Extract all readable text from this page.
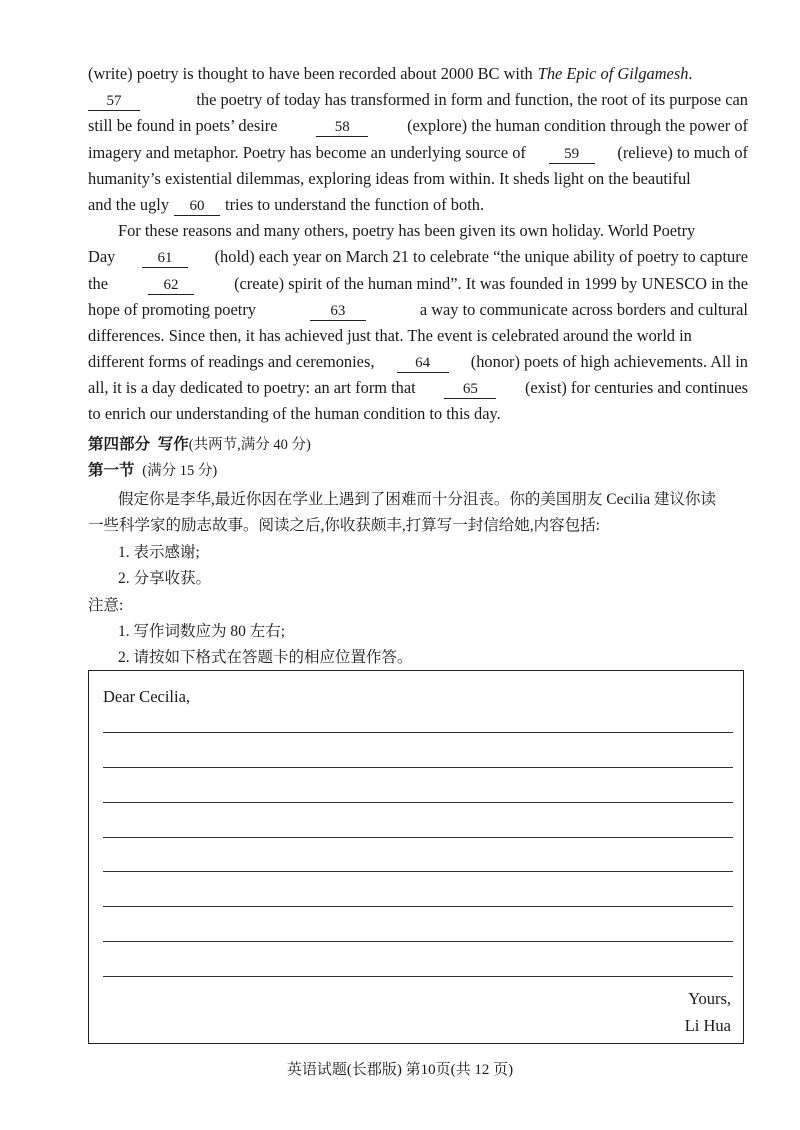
(write) poetry is thought to have been recorded about 2000 BC with The Epic of Gilgamesh .
57	the poetry of today has transformed in form and function, the root of its purpose can
still be found in poets’ desire	58	(explore) the human condition through the power of
imagery and metaphor. Poetry has become an underlying source of	59	(relieve) to much of
humanity’s existential dilemmas, exploring ideas from within. It sheds light on the beautiful
and the ugly	60	tries to understand the function of both.
For these reasons and many others, poetry has been given its own holiday. World Poetry
Day	61	(hold) each year on March 21 to celebrate “the unique ability of poetry to capture
the	62	(create) spirit of the human mind”. It was founded in 1999 by UNESCO in the
hope of promoting poetry	63	a way to communicate across borders and cultural
differences. Since then, it has achieved just that. The event is celebrated around the world in
different forms of readings and ceremonies,	64	(honor) poets of high achievements. All in
all, it is a day dedicated to poetry: an art form that	65	(exist) for centuries and continues
to enrich our understanding of the human condition to this day.
第四部分 写作(共两节,满分 40 分)
第一节 (满分 15 分)
假定你是李华,最近你因在学业上遇到了困难而十分沮丧。你的美国朋友 Cecilia 建议你读
一些科学家的励志故事。阅读之后,你收获颇丰,打算写一封信给她,内容包括:
1. 表示感谢;
2. 分享收获。
注意:
1. 写作词数应为 80 左右;
2. 请按如下格式在答题卡的相应位置作答。
Dear Cecilia,
Yours,
Li Hua
英语试题(长郡版) 第10页(共 12 页)
